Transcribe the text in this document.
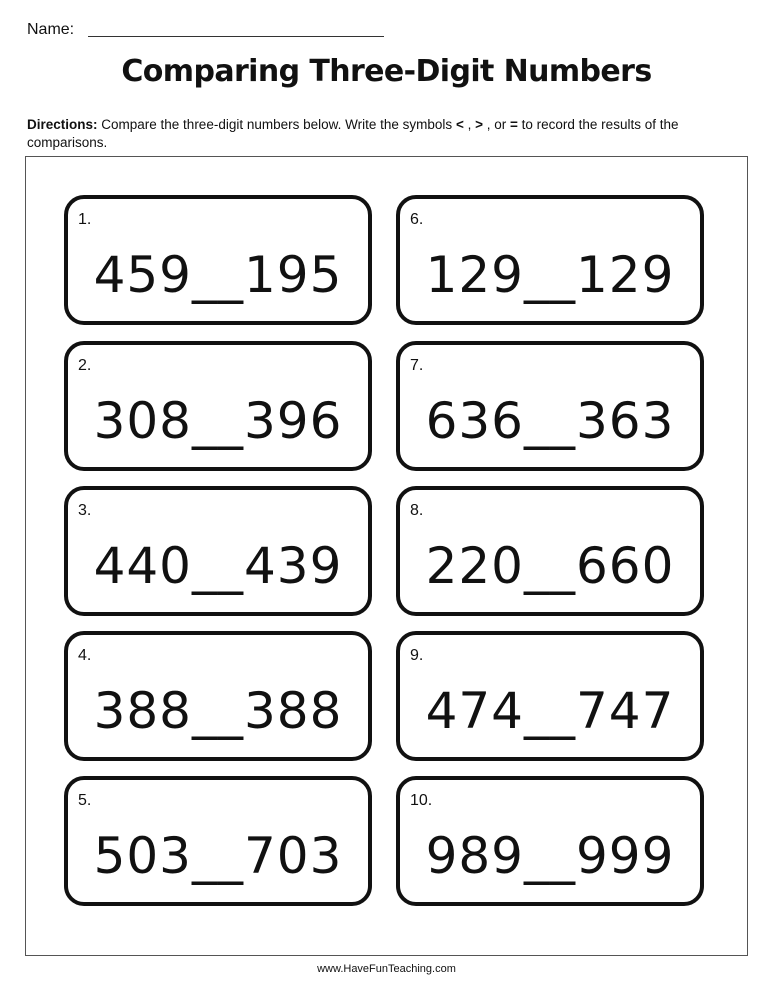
Name:
Comparing Three-Digit Numbers

Directions: Compare the three-digit numbers below. Write the symbols < , > , or = to record the results of the comparisons.

1.
459__195
2.
308__396
3.
440__439
4.
388__388
5.
503__703
6.
129__129
7.
636__363
8.
220__660
9.
474__747
10.
989__999
www.HaveFunTeaching.com
